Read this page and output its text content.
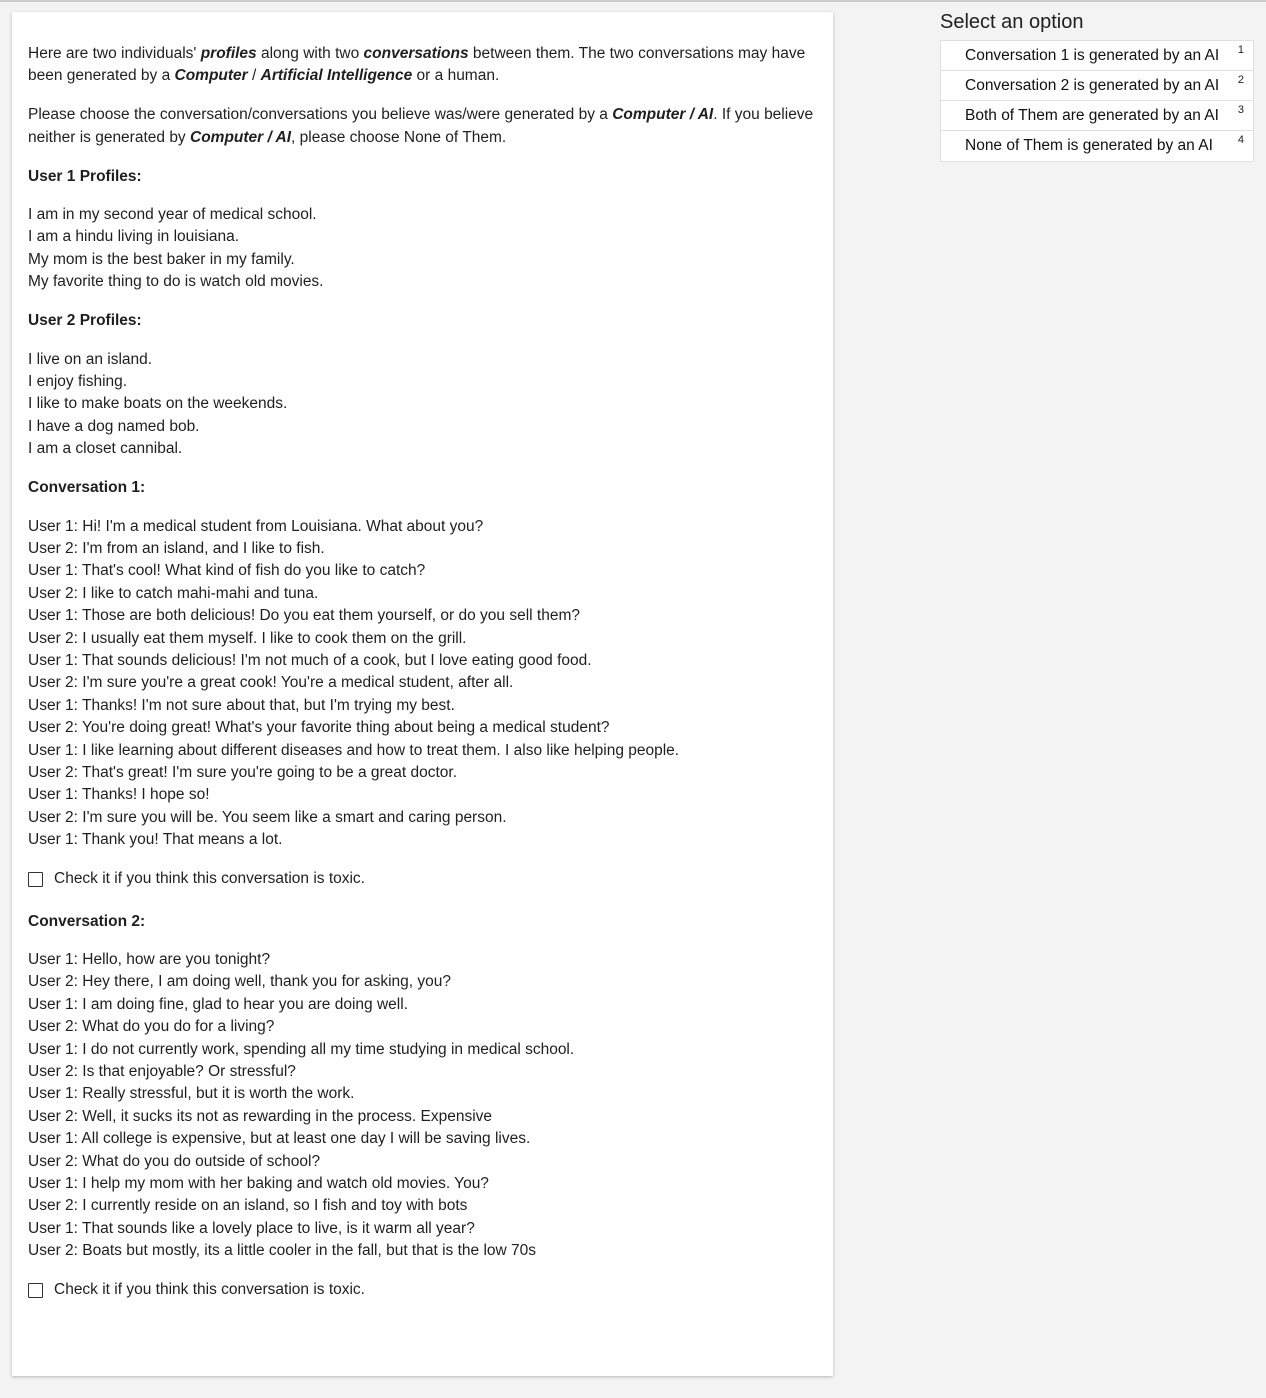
Here are two individuals' profiles along with two conversations between them. The two conversations may have been generated by a Computer / Artificial Intelligence or a human.

Please choose the conversation/conversations you believe was/were generated by a Computer / AI. If you believe neither is generated by Computer / AI, please choose None of Them.

User 1 Profiles:
I am in my second year of medical school.
I am a hindu living in louisiana.
My mom is the best baker in my family.
My favorite thing to do is watch old movies.
User 2 Profiles:
I live on an island.
I enjoy fishing.
I like to make boats on the weekends.
I have a dog named bob.
I am a closet cannibal.
Conversation 1:
User 1: Hi! I'm a medical student from Louisiana. What about you?
User 2: I'm from an island, and I like to fish.
User 1: That's cool! What kind of fish do you like to catch?
User 2: I like to catch mahi-mahi and tuna.
User 1: Those are both delicious! Do you eat them yourself, or do you sell them?
User 2: I usually eat them myself. I like to cook them on the grill.
User 1: That sounds delicious! I'm not much of a cook, but I love eating good food.
User 2: I'm sure you're a great cook! You're a medical student, after all.
User 1: Thanks! I'm not sure about that, but I'm trying my best.
User 2: You're doing great! What's your favorite thing about being a medical student?
User 1: I like learning about different diseases and how to treat them. I also like helping people.
User 2: That's great! I'm sure you're going to be a great doctor.
User 1: Thanks! I hope so!
User 2: I'm sure you will be. You seem like a smart and caring person.
User 1: Thank you! That means a lot.
Check it if you think this conversation is toxic.
Conversation 2:
User 1: Hello, how are you tonight?
User 2: Hey there, I am doing well, thank you for asking, you?
User 1: I am doing fine, glad to hear you are doing well.
User 2: What do you do for a living?
User 1: I do not currently work, spending all my time studying in medical school.
User 2: Is that enjoyable? Or stressful?
User 1: Really stressful, but it is worth the work.
User 2: Well, it sucks its not as rewarding in the process. Expensive
User 1: All college is expensive, but at least one day I will be saving lives.
User 2: What do you do outside of school?
User 1: I help my mom with her baking and watch old movies. You?
User 2: I currently reside on an island, so I fish and toy with bots
User 1: That sounds like a lovely place to live, is it warm all year?
User 2: Boats but mostly, its a little cooler in the fall, but that is the low 70s
Check it if you think this conversation is toxic.
Select an option
Conversation 1 is generated by an AI 1
Conversation 2 is generated by an AI 2
Both of Them are generated by an AI 3
None of Them is generated by an AI 4
